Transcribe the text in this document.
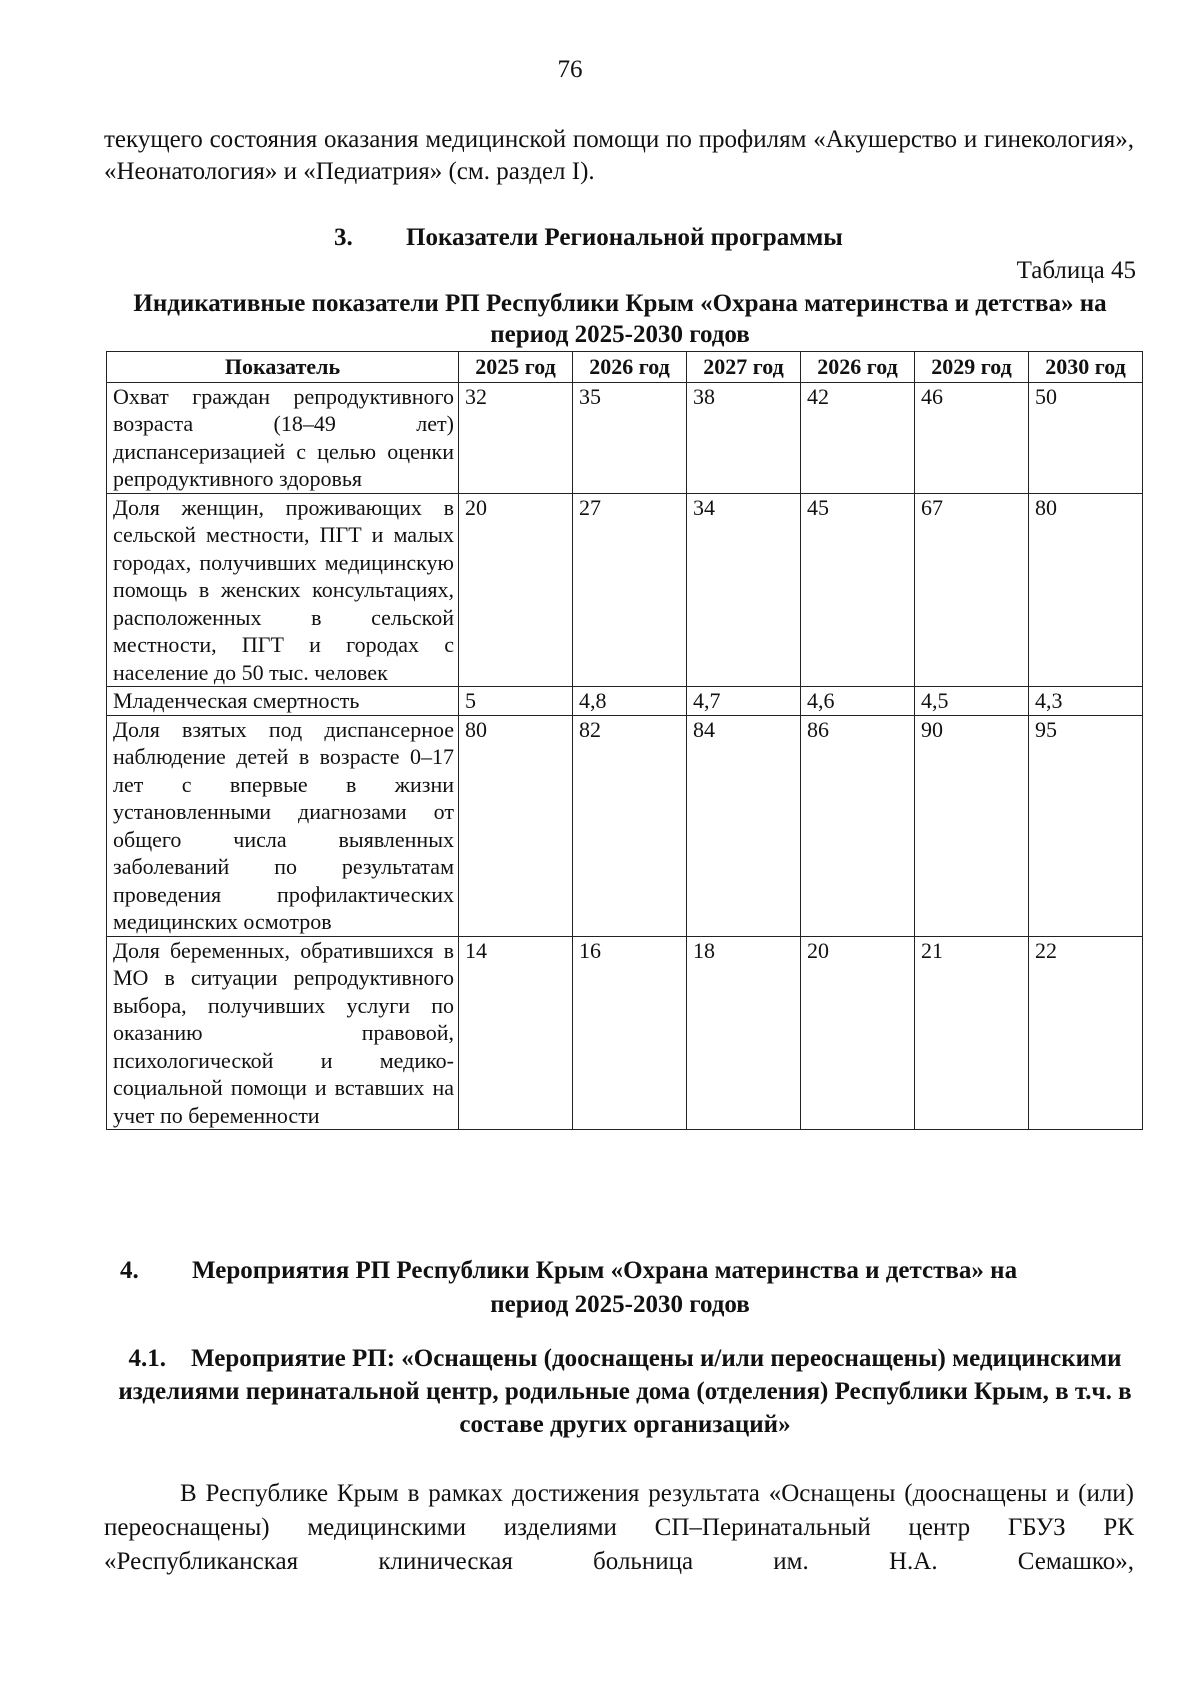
76
текущего состояния оказания медицинской помощи по профилям «Акушерство и гинекология», «Неонатология» и «Педиатрия» (см. раздел I).
3. Показатели Региональной программы
Таблица 45
Индикативные показатели РП Республики Крым «Охрана материнства и детства» на период 2025-2030 годов
Показатель	2025 год	2026 год	2027 год	2026 год	2029 год	2030 год
Охват граждан репродуктивного возраста (18–49 лет) диспансеризацией с целью оценки репродуктивного здоровья	32	35	38	42	46	50
Доля женщин, проживающих в сельской местности, ПГТ и малых городах, получивших медицинскую помощь в женских консультациях, расположенных в сельской местности, ПГТ и городах с население до 50 тыс. человек	20	27	34	45	67	80
Младенческая смертность	5	4,8	4,7	4,6	4,5	4,3
Доля взятых под диспансерное наблюдение детей в возрасте 0–17 лет с впервые в жизни установленными диагнозами от общего числа выявленных заболеваний по результатам проведения профилактических медицинских осмотров	80	82	84	86	90	95
Доля беременных, обратившихся в МО в ситуации репродуктивного выбора, получивших услуги по оказанию правовой, психологической и медико-социальной помощи и вставших на учет по беременности	14	16	18	20	21	22
4. Мероприятия РП Республики Крым «Охрана материнства и детства» на
период 2025-2030 годов
4.1.    Мероприятие РП: «Оснащены (дооснащены и/или переоснащены) медицинскими изделиями перинатальной центр, родильные дома (отделения) Республики Крым, в т.ч. в составе других организаций»
В Республике Крым в рамках достижения результата «Оснащены (дооснащены и (или) переоснащены) медицинскими изделиями СП–Перинатальный центр ГБУЗ РК «Республиканская клиническая больница им. Н.А. Семашко»,
